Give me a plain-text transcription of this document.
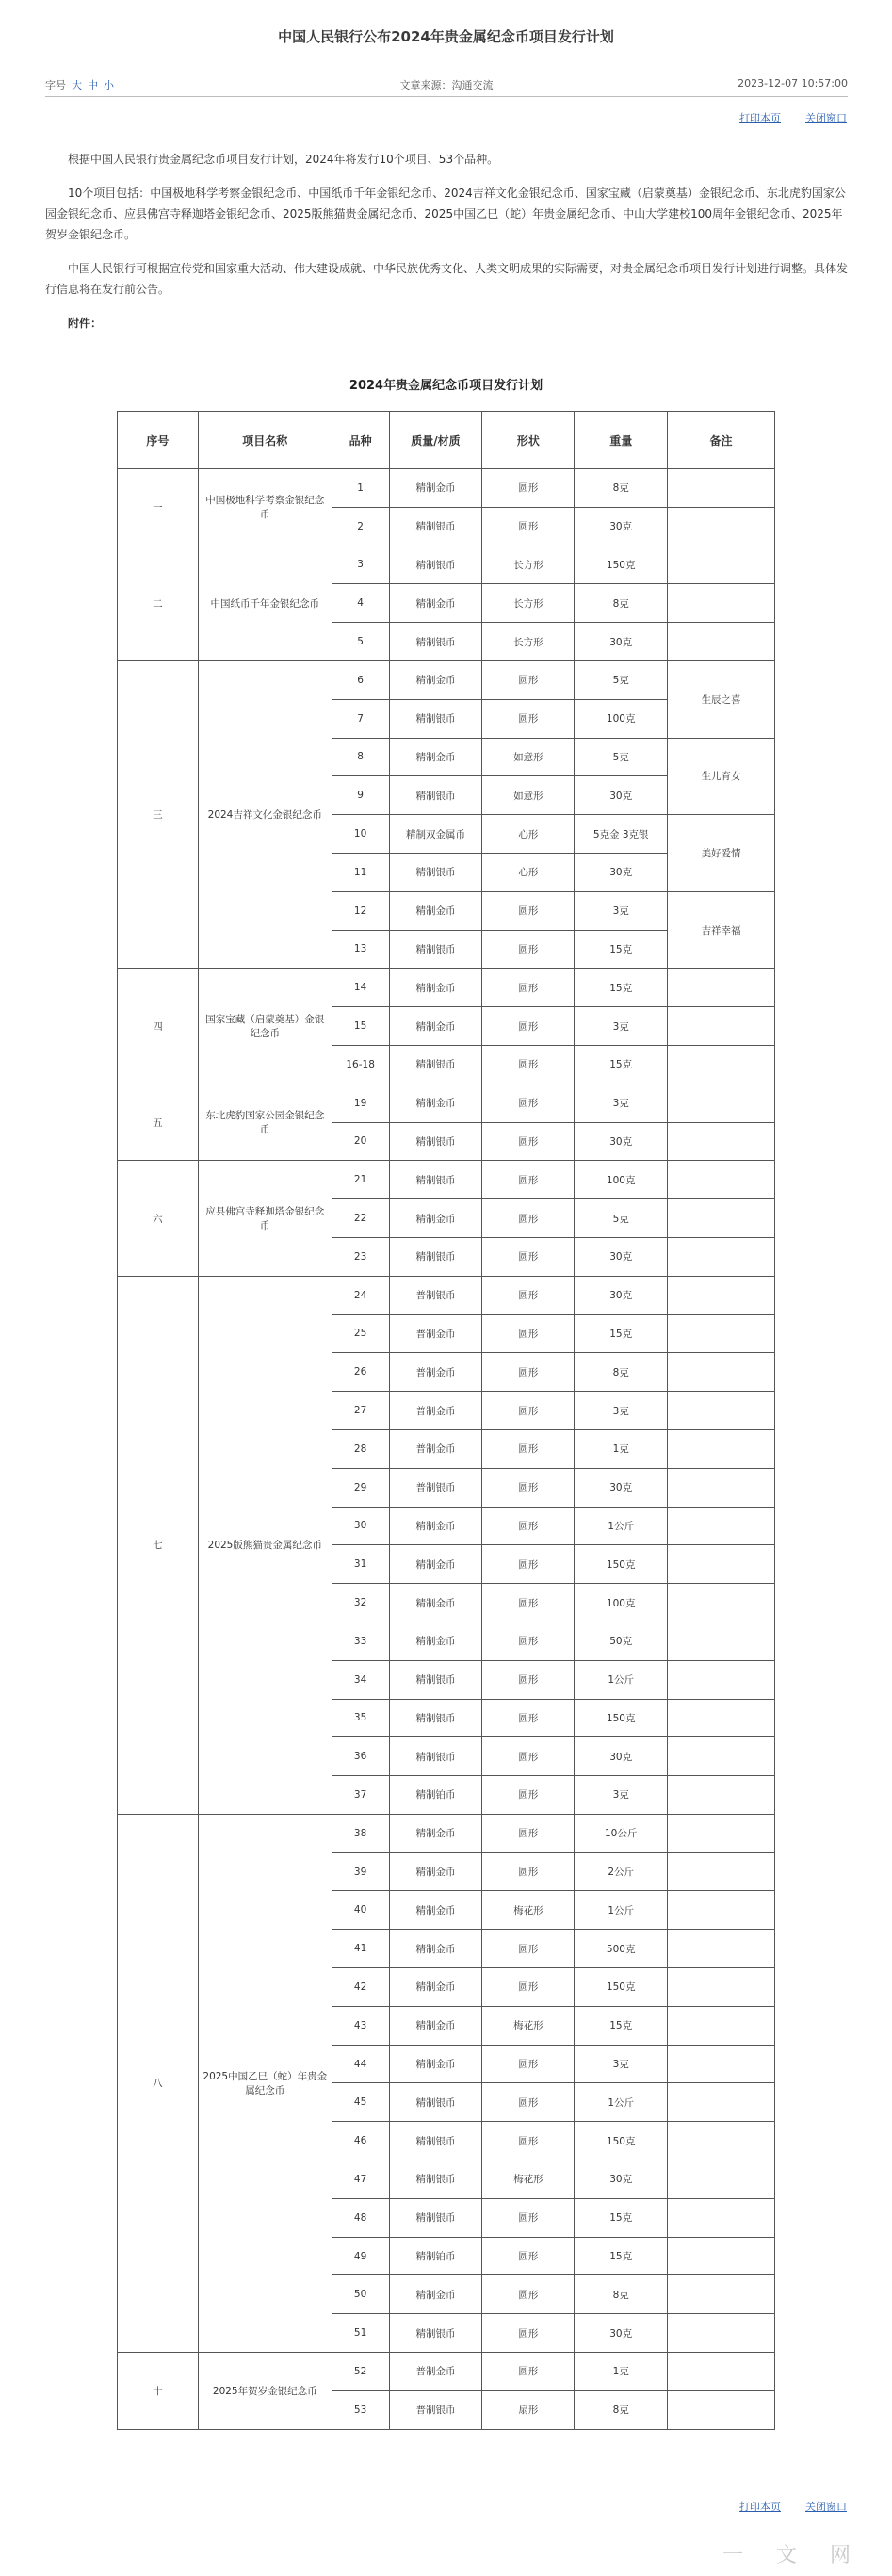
中国人民银行公布2024年贵金属纪念币项目发行计划
字号 大 中 小	文章来源：沟通交流	2023-12-07 10:57:00
打印本页 关闭窗口

根据中国人民银行贵金属纪念币项目发行计划，2024年将发行10个项目、53个品种。

10个项目包括：中国极地科学考察金银纪念币、中国纸币千年金银纪念币、2024吉祥文化金银纪念币、国家宝藏（启蒙奠基）金银纪念币、东北虎豹国家公园金银纪念币、应县佛宫寺释迦塔金银纪念币、2025版熊猫贵金属纪念币、2025中国乙巳（蛇）年贵金属纪念币、中山大学建校100周年金银纪念币、2025年贺岁金银纪念币。

中国人民银行可根据宣传党和国家重大活动、伟大建设成就、中华民族优秀文化、人类文明成果的实际需要，对贵金属纪念币项目发行计划进行调整。具体发行信息将在发行前公告。

附件：

2024年贵金属纪念币项目发行计划
序号	项目名称	品种	质量/材质	形状	重量	备注
一	中国极地科学考察金银纪念币	1	精制金币	圆形	8克	
		2	精制银币	圆形	30克	
二	中国纸币千年金银纪念币	3	精制银币	长方形	150克	
		4	精制金币	长方形	8克	
		5	精制银币	长方形	30克	
三	2024吉祥文化金银纪念币	6	精制金币	圆形	5克	生辰之喜
		7	精制银币	圆形	100克	
		8	精制金币	如意形	5克	生儿育女
		9	精制银币	如意形	30克	
		10	精制双金属币	心形	5克金 3克银	美好爱情
		11	精制银币	心形	30克	
		12	精制金币	圆形	3克	吉祥幸福
		13	精制银币	圆形	15克	
四	国家宝藏（启蒙奠基）金银纪念币	14	精制金币	圆形	15克	
		15	精制金币	圆形	3克	
		16-18	精制银币	圆形	15克	
五	东北虎豹国家公园金银纪念币	19	精制金币	圆形	3克	
		20	精制银币	圆形	30克	
六	应县佛宫寺释迦塔金银纪念币	21	精制银币	圆形	100克	
		22	精制金币	圆形	5克	
		23	精制银币	圆形	30克	
七	2025版熊猫贵金属纪念币	24	普制银币	圆形	30克	
		25	普制金币	圆形	15克	
		26	普制金币	圆形	8克	
		27	普制金币	圆形	3克	
		28	普制金币	圆形	1克	
		29	普制银币	圆形	30克	
		30	精制金币	圆形	1公斤	
		31	精制金币	圆形	150克	
		32	精制金币	圆形	100克	
		33	精制金币	圆形	50克	
		34	精制银币	圆形	1公斤	
		35	精制银币	圆形	150克	
		36	精制银币	圆形	30克	
		37	精制铂币	圆形	3克	
八	2025中国乙巳（蛇）年贵金属纪念币	38	精制金币	圆形	10公斤	
		39	精制金币	圆形	2公斤	
		40	精制金币	梅花形	1公斤	
		41	精制金币	圆形	500克	
		42	精制金币	圆形	150克	
		43	精制金币	梅花形	15克	
		44	精制金币	圆形	3克	
		45	精制银币	圆形	1公斤	
		46	精制银币	圆形	150克	
		47	精制银币	梅花形	30克	
		48	精制银币	圆形	15克	
		49	精制铂币	圆形	15克	
		50	精制金币	圆形	8克	
		51	精制银币	圆形	30克	
十	2025年贺岁金银纪念币	52	普制金币	圆形	1克	
		53	普制银币	扇形	8克	
打印本页 关闭窗口
一 文 网
